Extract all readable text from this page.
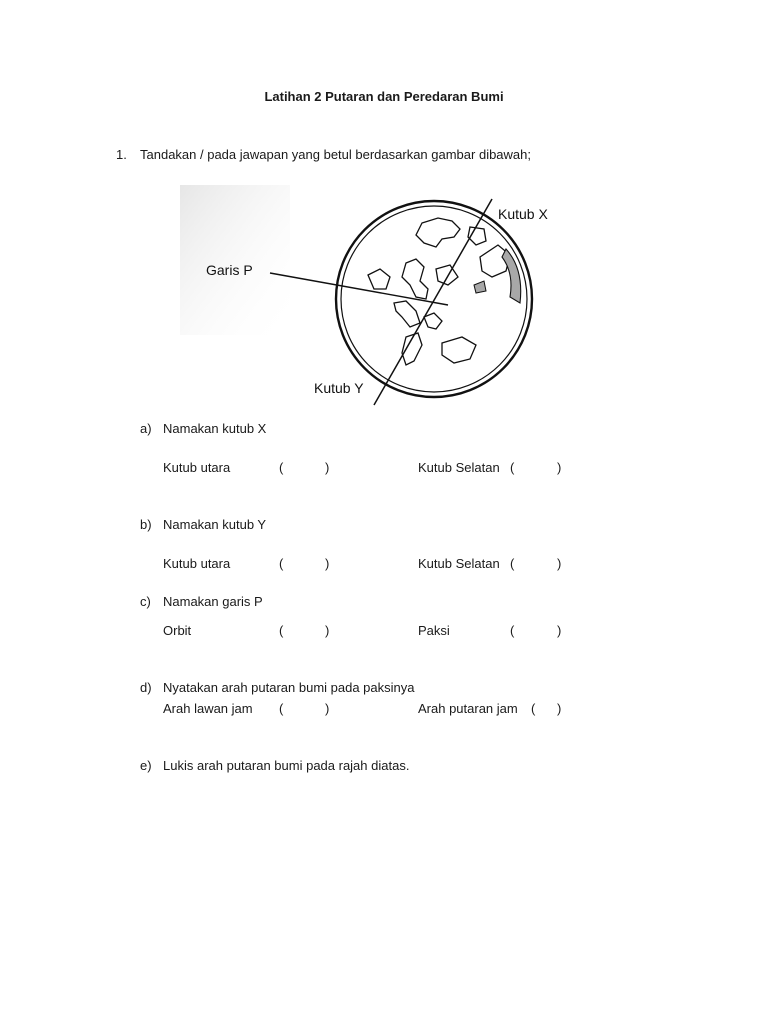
Latihan 2 Putaran dan Peredaran Bumi
1. Tandakan / pada jawapan yang betul berdasarkan gambar dibawah;
Kutub X
Garis P
Kutub Y
a) Namakan kutub X
Kutub utara	(	)	Kutub Selatan (	)
b) Namakan kutub Y
Kutub utara	(	)	Kutub Selatan (	)
c) Namakan garis P
Orbit	(	)	Paksi	(	)
d) Nyatakan arah putaran bumi pada paksinya
Arah lawan jam (	)	Arah putaran jam ( )
e) Lukis arah putaran bumi pada rajah diatas.
